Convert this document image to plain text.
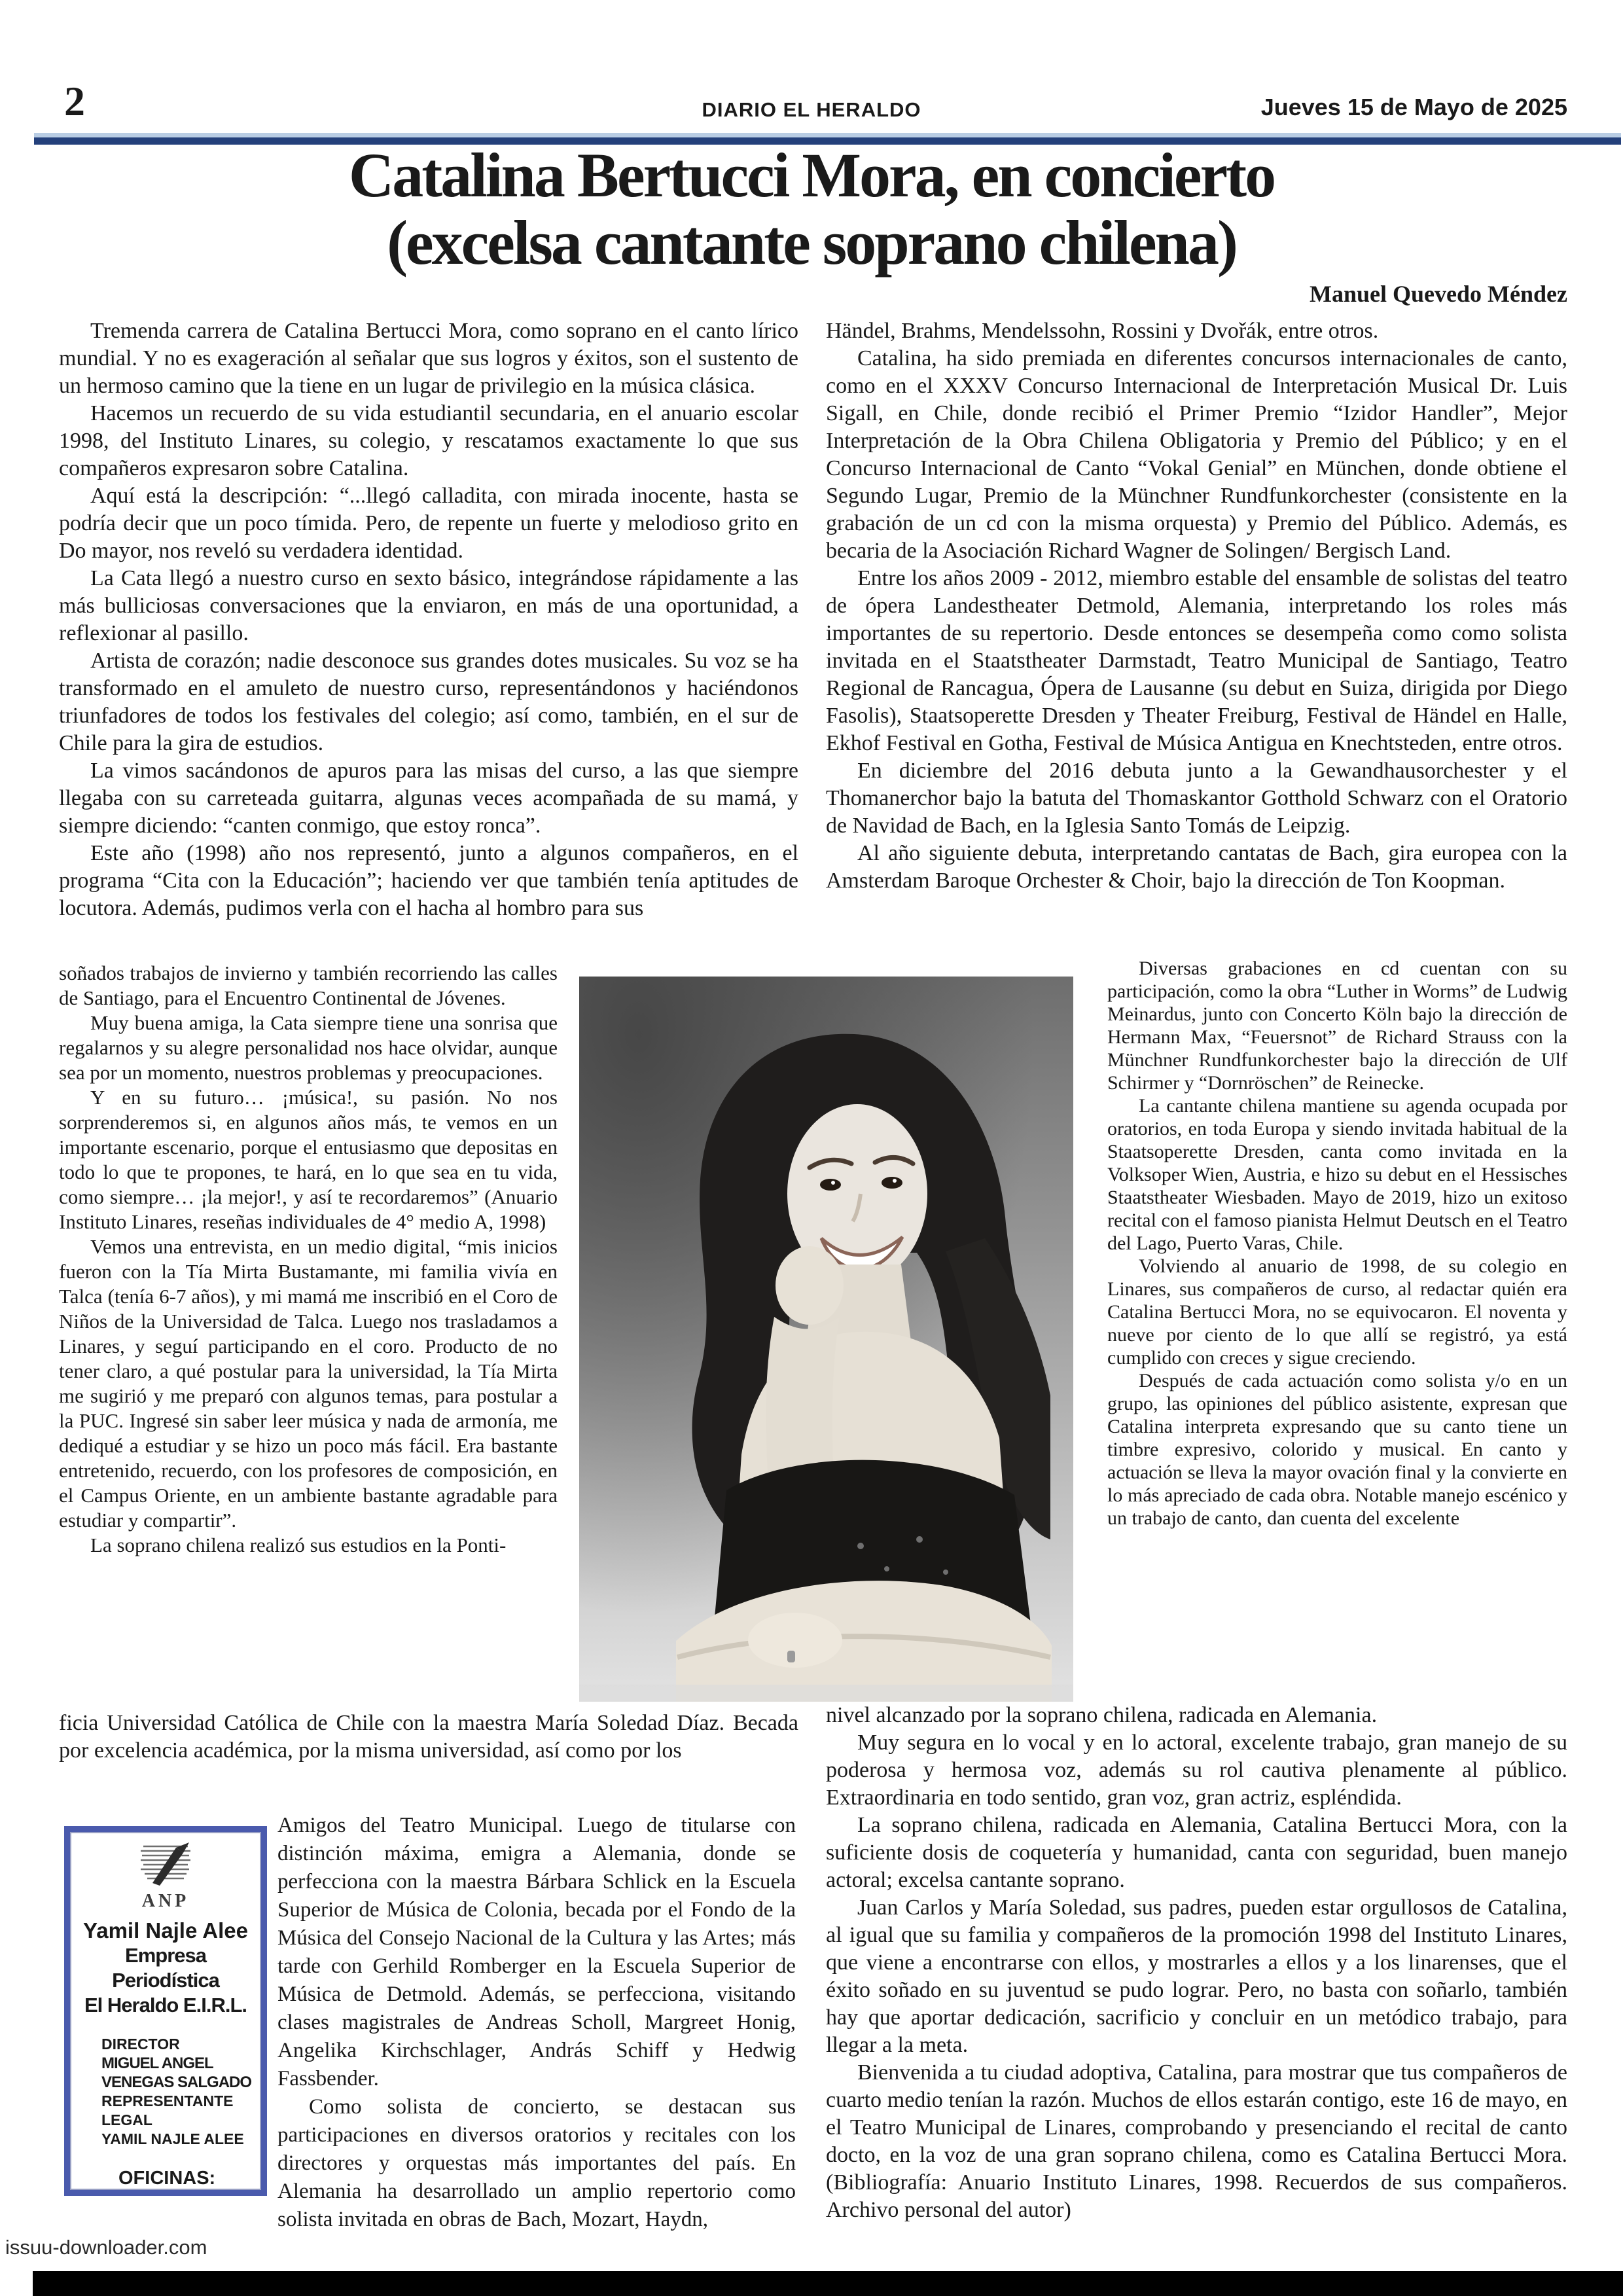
2	DIARIO EL HERALDO	Jueves 15 de Mayo de 2025
Catalina Bertucci Mora, en concierto
(excelsa cantante soprano chilena)
Manuel Quevedo Méndez

Tremenda carrera de Catalina Bertucci Mora, como soprano en el canto lírico mundial. Y no es exageración al señalar que sus logros y éxitos, son el sustento de un hermoso camino que la tiene en un lugar de privilegio en la música clásica.

Hacemos un recuerdo de su vida estudiantil secundaria, en el anuario escolar 1998, del Instituto Linares, su colegio, y rescatamos exactamente lo que sus compañeros expresaron sobre Catalina.

Aquí está la descripción: “...llegó calladita, con mirada inocente, hasta se podría decir que un poco tímida. Pero, de repente un fuerte y melodioso grito en Do mayor, nos reveló su verdadera identidad.

La Cata llegó a nuestro curso en sexto básico, integrándose rápidamente a las más bulliciosas conversaciones que la enviaron, en más de una oportunidad, a reflexionar al pasillo.

Artista de corazón; nadie desconoce sus grandes dotes musicales. Su voz se ha transformado en el amuleto de nuestro curso, representándonos y haciéndonos triunfadores de todos los festivales del colegio; así como, también, en el sur de Chile para la gira de estudios.

La vimos sacándonos de apuros para las misas del curso, a las que siempre llegaba con su carreteada guitarra, algunas veces acompañada de su mamá, y siempre diciendo: “canten conmigo, que estoy ronca”.

Este año (1998) año nos representó, junto a algunos compañeros, en el programa “Cita con la Educación”; haciendo ver que también tenía aptitudes de locutora. Además, pudimos verla con el hacha al hombro para sus

soñados trabajos de invierno y también recorriendo las calles de Santiago, para el Encuentro Continental de Jóvenes.

Muy buena amiga, la Cata siempre tiene una sonrisa que regalarnos y su alegre personalidad nos hace olvidar, aunque sea por un momento, nuestros problemas y preocupaciones.

Y en su futuro… ¡música!, su pasión. No nos sorprenderemos si, en algunos años más, te vemos en un importante escenario, porque el entusiasmo que depositas en todo lo que te propones, te hará, en lo que sea en tu vida, como siempre… ¡la mejor!, y así te recordaremos” (Anuario Instituto Linares, reseñas individuales de 4° medio A, 1998)

Vemos una entrevista, en un medio digital, “mis inicios fueron con la Tía Mirta Bustamante, mi familia vivía en Talca (tenía 6-7 años), y mi mamá me inscribió en el Coro de Niños de la Universidad de Talca. Luego nos trasladamos a Linares, y seguí participando en el coro. Producto de no tener claro, a qué postular para la universidad, la Tía Mirta me sugirió y me preparó con algunos temas, para postular a la PUC. Ingresé sin saber leer música y nada de armonía, me dediqué a estudiar y se hizo un poco más fácil. Era bastante entretenido, recuerdo, con los profesores de composición, en el Campus Oriente, en un ambiente bastante agradable para estudiar y compartir”.

La soprano chilena realizó sus estudios en la Ponti-

ficia Universidad Católica de Chile con la maestra María Soledad Díaz. Becada por excelencia académica, por la misma universidad, así como por los

Amigos del Teatro Municipal. Luego de titularse con distinción máxima, emigra a Alemania, donde se perfecciona con la maestra Bárbara Schlick en la Escuela Superior de Música de Colonia, becada por el Fondo de la Música del Consejo Nacional de la Cultura y las Artes; más tarde con Gerhild Romberger en la Escuela Superior de Música de Detmold. Además, se perfecciona, visitando clases magistrales de Andreas Scholl, Margreet Honig, Angelika Kirchschlager, András Schiff y Hedwig Fassbender.

Como solista de concierto, se destacan sus participaciones en diversos oratorios y recitales con los directores y orquestas más importantes del país. En Alemania ha desarrollado un amplio repertorio como solista invitada en obras de Bach, Mozart, Haydn,

Händel, Brahms, Mendelssohn, Rossini y Dvořák, entre otros.

Catalina, ha sido premiada en diferentes concursos internacionales de canto, como en el XXXV Concurso Internacional de Interpretación Musical Dr. Luis Sigall, en Chile, donde recibió el Primer Premio “Izidor Handler”, Mejor Interpretación de la Obra Chilena Obligatoria y Premio del Público; y en el Concurso Internacional de Canto “Vokal Genial” en München, donde obtiene el Segundo Lugar, Premio de la Münchner Rundfunkorchester (consistente en la grabación de un cd con la misma orquesta) y Premio del Público. Además, es becaria de la Asociación Richard Wagner de Solingen/ Bergisch Land.

Entre los años 2009 - 2012, miembro estable del ensamble de solistas del teatro de ópera Landestheater Detmold, Alemania, interpretando los roles más importantes de su repertorio. Desde entonces se desempeña como como solista invitada en el Staatstheater Darmstadt, Teatro Municipal de Santiago, Teatro Regional de Rancagua, Ópera de Lausanne (su debut en Suiza, dirigida por Diego Fasolis), Staatsoperette Dresden y Theater Freiburg, Festival de Händel en Halle, Ekhof Festival en Gotha, Festival de Música Antigua en Knechtsteden, entre otros.

En diciembre del 2016 debuta junto a la Gewandhausorchester y el Thomanerchor bajo la batuta del Thomaskantor Gotthold Schwarz con el Oratorio de Navidad de Bach, en la Iglesia Santo Tomás de Leipzig.

Al año siguiente debuta, interpretando cantatas de Bach, gira europea con la Amsterdam Baroque Orchester & Choir, bajo la dirección de Ton Koopman.

Diversas grabaciones en cd cuentan con su participación, como la obra “Luther in Worms” de Ludwig Meinardus, junto con Concerto Köln bajo la dirección de Hermann Max, “Feuersnot” de Richard Strauss con la Münchner Rundfunkorchester bajo la dirección de Ulf Schirmer y “Dornröschen” de Reinecke.

La cantante chilena mantiene su agenda ocupada por oratorios, en toda Europa y siendo invitada habitual de la Staatsoperette Dresden, canta como invitada en la Volksoper Wien, Austria, e hizo su debut en el Hessisches Staatstheater Wiesbaden. Mayo de 2019, hizo un exitoso recital con el famoso pianista Helmut Deutsch en el Teatro del Lago, Puerto Varas, Chile.

Volviendo al anuario de 1998, de su colegio en Linares, sus compañeros de curso, al redactar quién era Catalina Bertucci Mora, no se equivocaron. El noventa y nueve por ciento de lo que allí se registró, ya está cumplido con creces y sigue creciendo.

Después de cada actuación como solista y/o en un grupo, las opiniones del público asistente, expresan que Catalina interpreta expresando que su canto tiene un timbre expresivo, colorido y musical. En canto y actuación se lleva la mayor ovación final y la convierte en lo más apreciado de cada obra. Notable manejo escénico y un trabajo de canto, dan cuenta del excelente

nivel alcanzado por la soprano chilena, radicada en Alemania.

Muy segura en lo vocal y en lo actoral, excelente trabajo, gran manejo de su poderosa y hermosa voz, además su rol cautiva plenamente al público. Extraordinaria en todo sentido, gran voz, gran actriz, espléndida.

La soprano chilena, radicada en Alemania, Catalina Bertucci Mora, con la suficiente dosis de coquetería y humanidad, canta con seguridad, buen manejo actoral; excelsa cantante soprano.

Juan Carlos y María Soledad, sus padres, pueden estar orgullosos de Catalina, al igual que su familia y compañeros de la promoción 1998 del Instituto Linares, que viene a encontrarse con ellos, y mostrarles a ellos y a los linarenses, que el éxito soñado en su juventud se pudo lograr. Pero, no basta con soñarlo, también hay que aportar dedicación, sacrificio y concluir en un metódico trabajo, para llegar a la meta.

Bienvenida a tu ciudad adoptiva, Catalina, para mostrar que tus compañeros de cuarto medio tenían la razón. Muchos de ellos estarán contigo, este 16 de mayo, en el Teatro Municipal de Linares, comprobando y presenciando el recital de canto docto, en la voz de una gran soprano chilena, como es Catalina Bertucci Mora. (Bibliografía: Anuario Instituto Linares, 1998. Recuerdos de sus compañeros. Archivo personal del autor)

ANP
Yamil Najle Alee
Empresa Periodística
El Heraldo E.I.R.L.
DIRECTOR
MIGUEL ANGEL VENEGAS SALGADO
REPRESENTANTE LEGAL
YAMIL NAJLE ALEE
OFICINAS:
issuu-downloader.com
